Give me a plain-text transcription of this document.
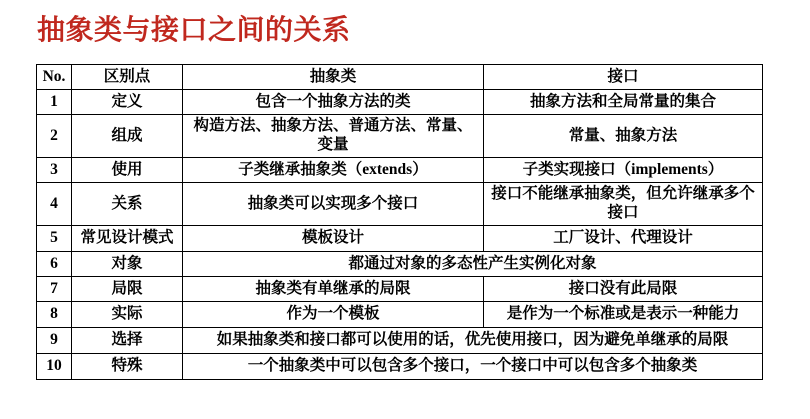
抽象类与接口之间的关系
No.	区别点	抽象类	接口
1	定义	包含一个抽象方法的类	抽象方法和全局常量的集合
2	组成	构造方法、抽象方法、普通方法、常量、变量	常量、抽象方法
3	使用	子类继承抽象类（extends）	子类实现接口（implements）
4	关系	抽象类可以实现多个接口	接口不能继承抽象类，但允许继承多个接口
5	常见设计模式	模板设计	工厂设计、代理设计
6	对象	都通过对象的多态性产生实例化对象	
7	局限	抽象类有单继承的局限	接口没有此局限
8	实际	作为一个模板	是作为一个标准或是表示一种能力
9	选择	如果抽象类和接口都可以使用的话，优先使用接口，因为避免单继承的局限	
10	特殊	一个抽象类中可以包含多个接口，一个接口中可以包含多个抽象类	
